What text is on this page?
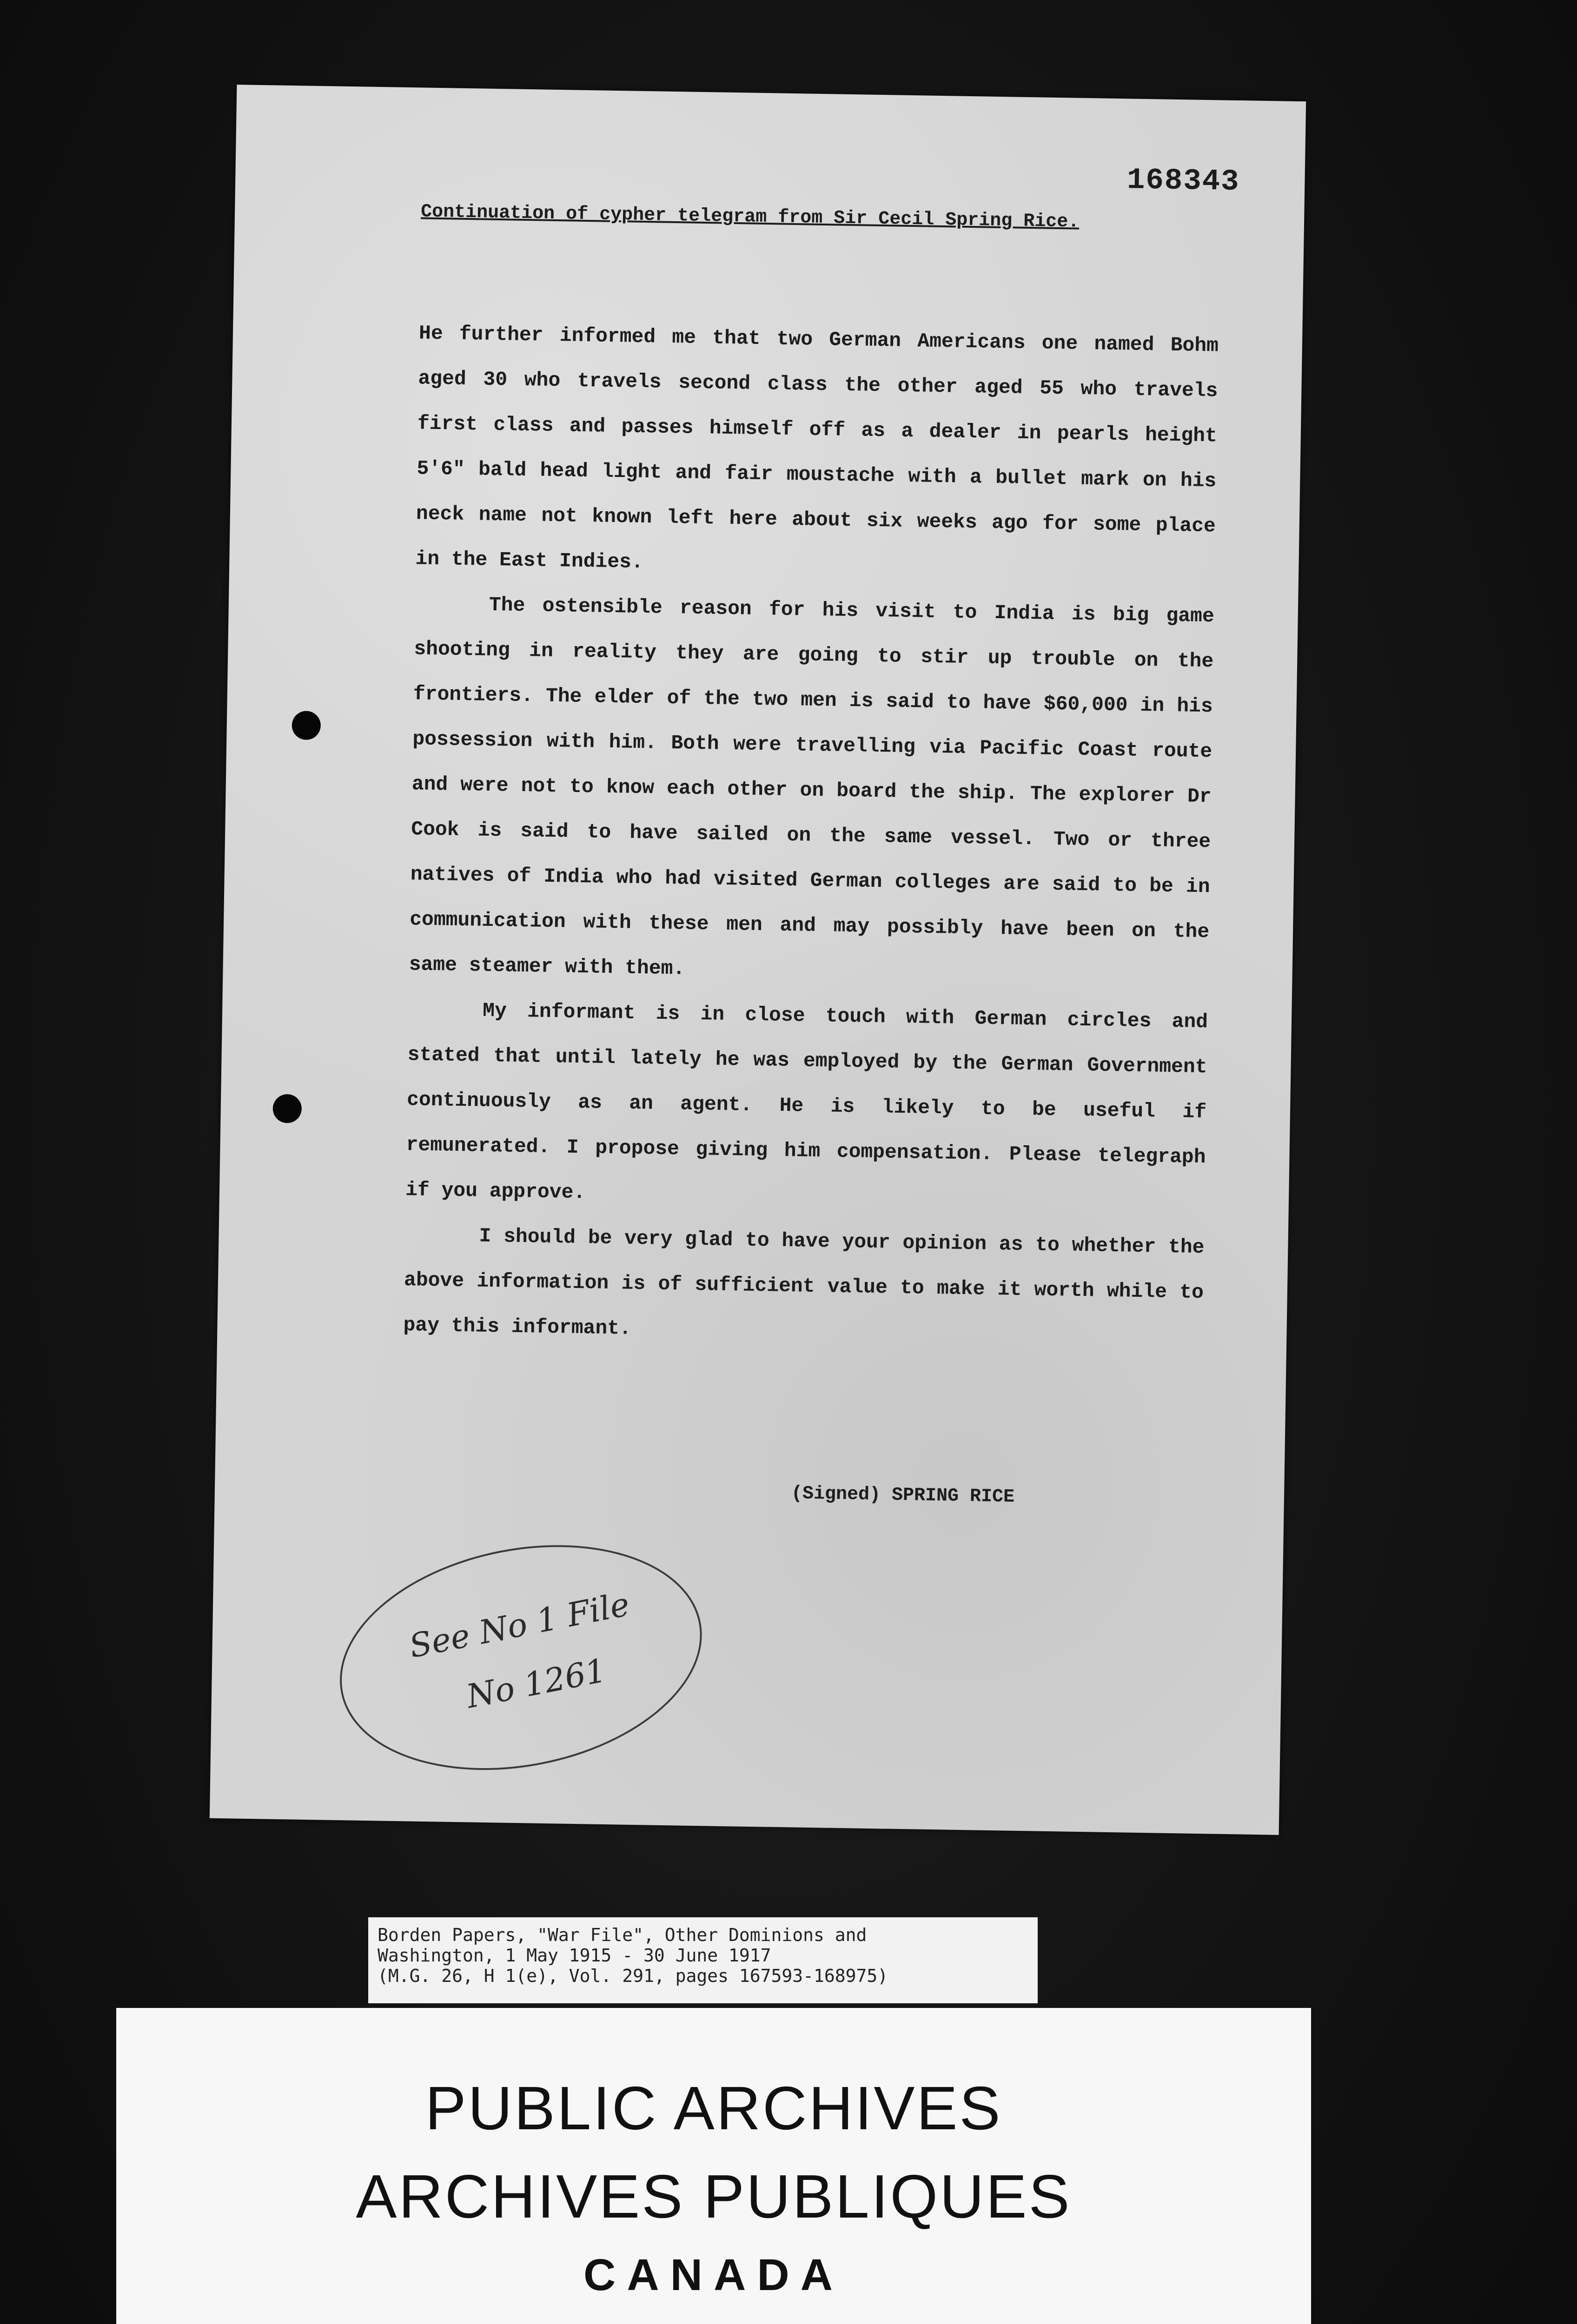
168343
Continuation of cypher telegram from Sir Cecil Spring Rice.

He further informed me that two German Americans one named Bohm aged 30 who travels second class the other aged 55 who travels first class and passes himself off as a dealer in pearls height 5'6" bald head light and fair moustache with a bullet mark on his neck name not known left here about six weeks ago for some place in the East Indies.

The ostensible reason for his visit to India is big game shooting in reality they are going to stir up trouble on the frontiers. The elder of the two men is said to have $60,000 in his possession with him. Both were travelling via Pacific Coast route and were not to know each other on board the ship. The explorer Dr Cook is said to have sailed on the same vessel. Two or three natives of India who had visited German colleges are said to be in communication with these men and may possibly have been on the same steamer with them.

My informant is in close touch with German circles and stated that until lately he was employed by the German Government continuously as an agent. He is likely to be useful if remunerated. I propose giving him compensation. Please telegraph if you approve.

I should be very glad to have your opinion as to whether the above information is of sufficient value to make it worth while to pay this informant.

(Signed) SPRING RICE
See No 1 File
No 1261
Borden Papers, "War File", Other Dominions and
Washington, 1 May 1915 - 30 June 1917
(M.G. 26, H 1(e), Vol. 291, pages 167593-168975)
PUBLIC ARCHIVES
ARCHIVES PUBLIQUES
CANADA
